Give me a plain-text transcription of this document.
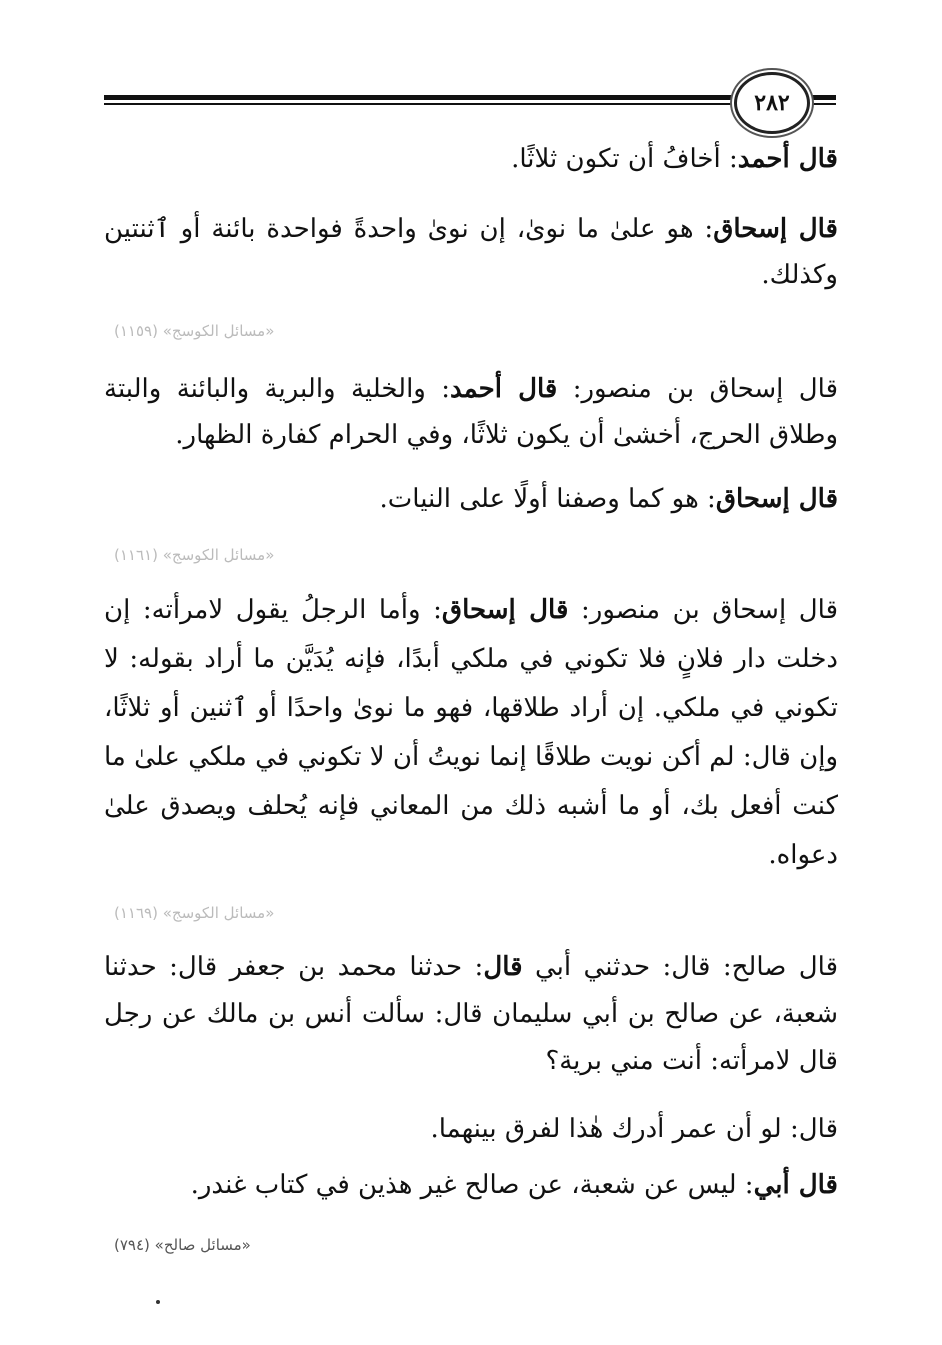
٢٨٢

قال أحمد: أخافُ أن تكون ثلاثًا.

قال إسحاق: هو علىٰ ما نوىٰ، إن نوىٰ واحدةً فواحدة بائنة أو ٱثنتين وكذلك.

«مسائل الكوسج» (١١٥٩)

قال إسحاق بن منصور: قال أحمد: والخلية والبرية والبائنة والبتة وطلاق الحرج، أخشىٰ أن يكون ثلاثًا، وفي الحرام كفارة الظهار.

قال إسحاق: هو كما وصفنا أولًا على النيات.

«مسائل الكوسج» (١١٦١)

قال إسحاق بن منصور: قال إسحاق: وأما الرجلُ يقول لامرأته: إن دخلت دار فلانٍ فلا تكوني في ملكي أبدًا، فإنه يُدَيَّن ما أراد بقوله: لا تكوني في ملكي. إن أراد طلاقها، فهو ما نوىٰ واحدًا أو ٱثنين أو ثلاثًا، وإن قال: لم أكن نويت طلاقًا إنما نويتُ أن لا تكوني في ملكي علىٰ ما كنت أفعل بك، أو ما أشبه ذلك من المعاني فإنه يُحلف ويصدق علىٰ دعواه.

«مسائل الكوسج» (١١٦٩)

قال صالح: قال: حدثني أبي قال: حدثنا محمد بن جعفر قال: حدثنا شعبة، عن صالح بن أبي سليمان قال: سألت أنس بن مالك عن رجل قال لامرأته: أنت مني برية؟

قال: لو أن عمر أدرك هٰذا لفرق بينهما.

قال أبي: ليس عن شعبة، عن صالح غير هذين في كتاب غندر.

«مسائل صالح» (٧٩٤)
